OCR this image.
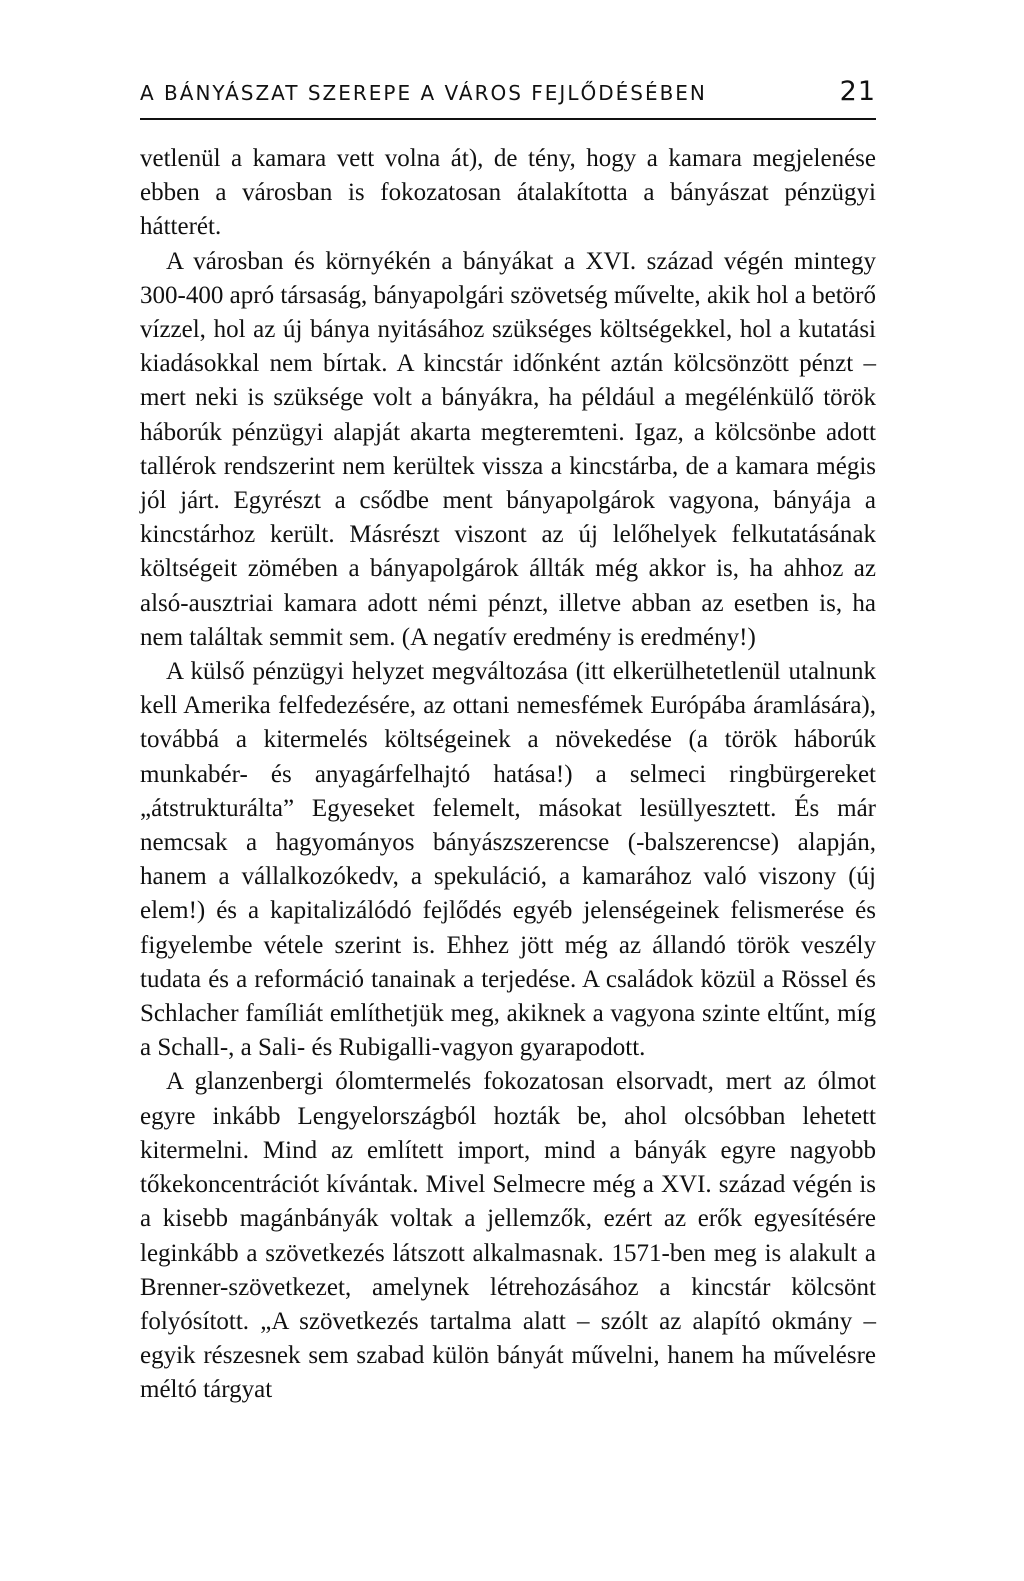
A BÁNYÁSZAT SZEREPE A VÁROS FEJLŐDÉSÉBEN	21

vetlenül a kamara vett volna át), de tény, hogy a kamara megjelenése ebben a városban is fokozatosan átalakította a bányászat pénzügyi hátterét.

A városban és környékén a bányákat a XVI. század végén mintegy 300-400 apró társaság, bányapolgári szövetség művelte, akik hol a betörő vízzel, hol az új bánya nyitásához szükséges költségekkel, hol a kutatási kiadásokkal nem bírtak. A kincstár időnként aztán kölcsönzött pénzt – mert neki is szüksége volt a bányákra, ha például a megélénkülő török háborúk pénzügyi alapját akarta megteremteni. Igaz, a kölcsönbe adott tallérok rendszerint nem kerültek vissza a kincstárba, de a kamara mégis jól járt. Egyrészt a csődbe ment bányapolgárok vagyona, bányája a kincstárhoz került. Másrészt viszont az új lelőhelyek felkutatásának költségeit zömében a bányapolgárok állták még akkor is, ha ahhoz az alsó-ausztriai kamara adott némi pénzt, illetve abban az esetben is, ha nem találtak semmit sem. (A negatív eredmény is eredmény!)

A külső pénzügyi helyzet megváltozása (itt elkerülhetetlenül utalnunk kell Amerika felfedezésére, az ottani nemesfémek Európába áramlására), továbbá a kitermelés költségeinek a növekedése (a török háborúk munkabér- és anyagárfelhajtó hatása!) a selmeci ringbürgereket „átstrukturálta” Egyeseket felemelt, másokat lesüllyesztett. És már nemcsak a hagyományos bányászszerencse (-balszerencse) alapján, hanem a vállalkozókedv, a spekuláció, a kamarához való viszony (új elem!) és a kapitalizálódó fejlődés egyéb jelenségeinek felismerése és figyelembe vétele szerint is. Ehhez jött még az állandó török veszély tudata és a reformáció tanainak a terjedése. A családok közül a Rössel és Schlacher famíliát említhetjük meg, akiknek a vagyona szinte eltűnt, míg a Schall-, a Sali- és Rubigalli-vagyon gyarapodott.

A glanzenbergi ólomtermelés fokozatosan elsorvadt, mert az ólmot egyre inkább Lengyelországból hozták be, ahol olcsóbban lehetett kitermelni. Mind az említett import, mind a bányák egyre nagyobb tőkekoncentrációt kívántak. Mivel Selmecre még a XVI. század végén is a kisebb magánbányák voltak a jellemzők, ezért az erők egyesítésére leginkább a szövetkezés látszott alkalmasnak. 1571-ben meg is alakult a Brenner-szövetkezet, amelynek létrehozásához a kincstár kölcsönt folyósított. „A szövetkezés tartalma alatt – szólt az alapító okmány – egyik részesnek sem szabad külön bányát művelni, hanem ha művelésre méltó tárgyat
